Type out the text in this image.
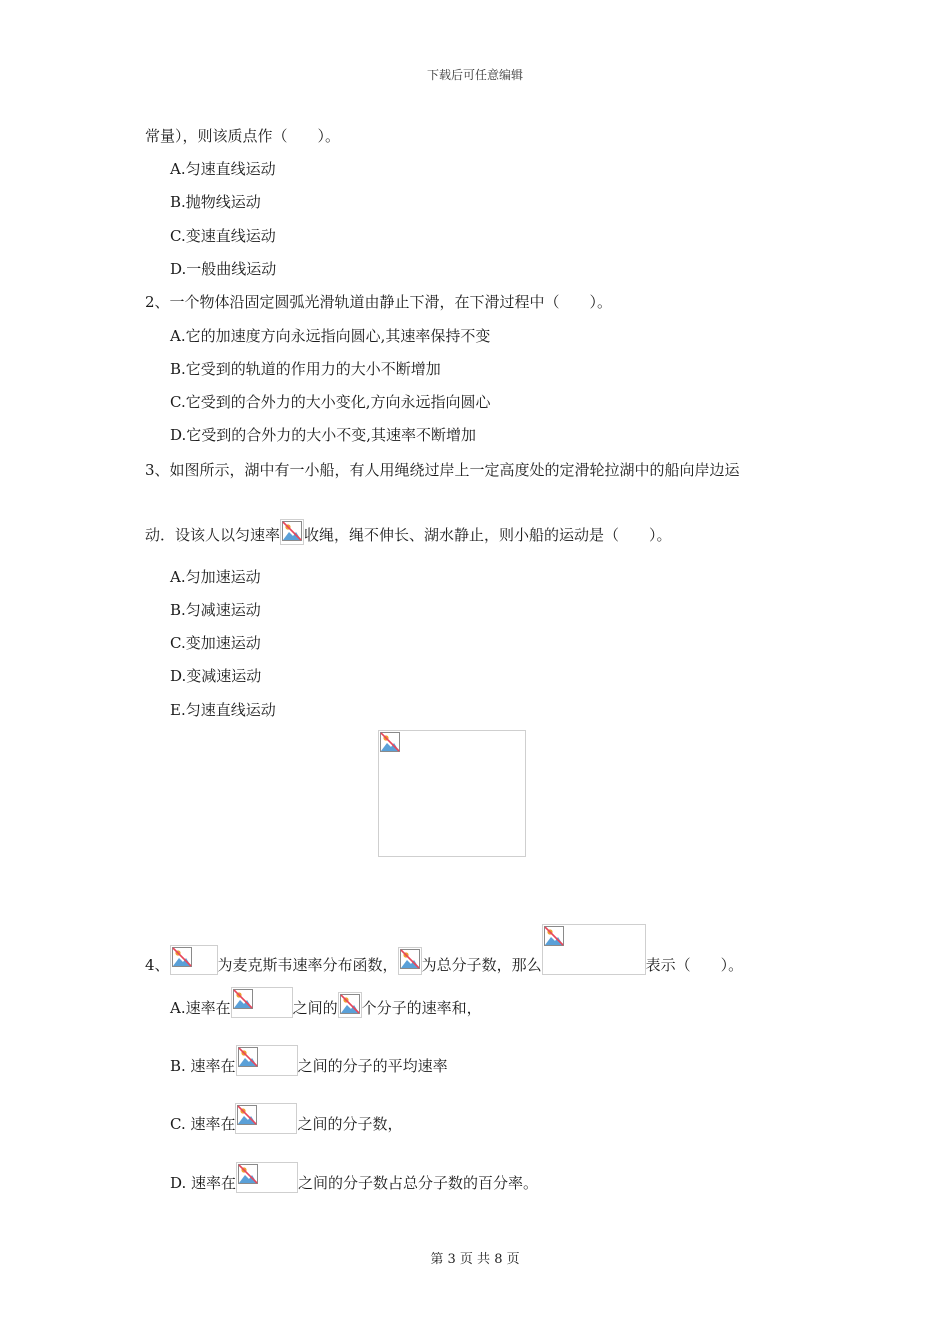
下载后可任意编辑
常量），则该质点作（　　）。
A.匀速直线运动
B.抛物线运动
C.变速直线运动
D.一般曲线运动
2、一个物体沿固定圆弧光滑轨道由静止下滑，在下滑过程中（　　）。
A.它的加速度方向永远指向圆心,其速率保持不变
B.它受到的轨道的作用力的大小不断增加
C.它受到的合外力的大小变化,方向永远指向圆心
D.它受到的合外力的大小不变,其速率不断增加
3、如图所示，湖中有一小船，有人用绳绕过岸上一定高度处的定滑轮拉湖中的船向岸边运
动．设该人以匀速率 收绳，绳不伸长、湖水静止，则小船的运动是（　　）。
A.匀加速运动
B.匀减速运动
C.变加速运动
D.变减速运动
E.匀速直线运动
4、	为麦克斯韦速率分布函数， 为总分子数，那么	表示（　　）。
A.速率在	之间的 个分子的速率和，
B. 速率在	之间的分子的平均速率
C. 速率在	之间的分子数，
D. 速率在	之间的分子数占总分子数的百分率。
第 3 页 共 8 页
